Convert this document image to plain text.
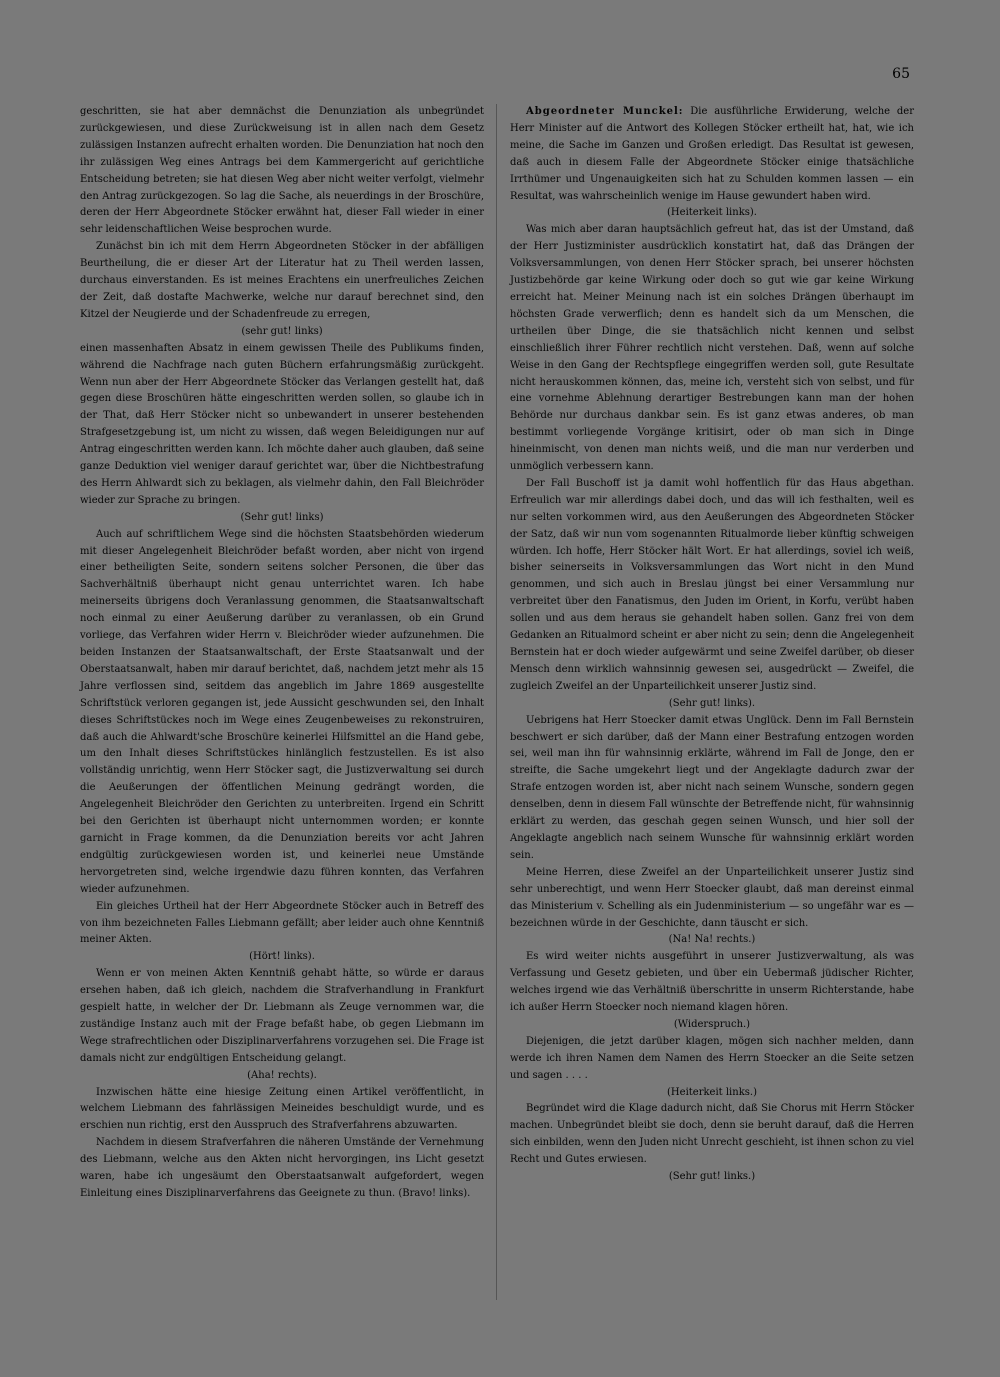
65

geschritten, sie hat aber demnächst die Denunziation als unbegründet zurückgewiesen, und diese Zurückweisung ist in allen nach dem Gesetz zulässigen Instanzen aufrecht erhalten worden. Die Denunziation hat noch den ihr zulässigen Weg eines Antrags bei dem Kammergericht auf gerichtliche Entscheidung betreten; sie hat diesen Weg aber nicht weiter verfolgt, vielmehr den Antrag zurückgezogen. So lag die Sache, als neuerdings in der Broschüre, deren der Herr Abgeordnete Stöcker erwähnt hat, dieser Fall wieder in einer sehr leidenschaftlichen Weise besprochen wurde.

Zunächst bin ich mit dem Herrn Abgeordneten Stöcker in der abfälligen Beurtheilung, die er dieser Art der Literatur hat zu Theil werden lassen, durchaus einverstanden. Es ist meines Erachtens ein unerfreuliches Zeichen der Zeit, daß dostafte Machwerke, welche nur darauf berechnet sind, den Kitzel der Neugierde und der Schadenfreude zu erregen,

(sehr gut! links)

einen massenhaften Absatz in einem gewissen Theile des Publikums finden, während die Nachfrage nach guten Büchern erfahrungsmäßig zurückgeht. Wenn nun aber der Herr Abgeordnete Stöcker das Verlangen gestellt hat, daß gegen diese Broschüren hätte eingeschritten werden sollen, so glaube ich in der That, daß Herr Stöcker nicht so unbewandert in unserer bestehenden Strafgesetzgebung ist, um nicht zu wissen, daß wegen Beleidigungen nur auf Antrag eingeschritten werden kann. Ich möchte daher auch glauben, daß seine ganze Deduktion viel weniger darauf gerichtet war, über die Nichtbestrafung des Herrn Ahlwardt sich zu beklagen, als vielmehr dahin, den Fall Bleichröder wieder zur Sprache zu bringen.

(Sehr gut! links)

Auch auf schriftlichem Wege sind die höchsten Staatsbehörden wiederum mit dieser Angelegenheit Bleichröder befaßt worden, aber nicht von irgend einer betheiligten Seite, sondern seitens solcher Personen, die über das Sachverhältniß überhaupt nicht genau unterrichtet waren. Ich habe meinerseits übrigens doch Veranlassung genommen, die Staatsanwaltschaft noch einmal zu einer Aeußerung darüber zu veranlassen, ob ein Grund vorliege, das Verfahren wider Herrn v. Bleichröder wieder aufzunehmen. Die beiden Instanzen der Staatsanwaltschaft, der Erste Staatsanwalt und der Oberstaatsanwalt, haben mir darauf berichtet, daß, nachdem jetzt mehr als 15 Jahre verflossen sind, seitdem das angeblich im Jahre 1869 ausgestellte Schriftstück verloren gegangen ist, jede Aussicht geschwunden sei, den Inhalt dieses Schriftstückes noch im Wege eines Zeugenbeweises zu rekonstruiren, daß auch die Ahlwardt'sche Broschüre keinerlei Hilfsmittel an die Hand gebe, um den Inhalt dieses Schriftstückes hinlänglich festzustellen. Es ist also vollständig unrichtig, wenn Herr Stöcker sagt, die Justizverwaltung sei durch die Aeußerungen der öffentlichen Meinung gedrängt worden, die Angelegenheit Bleichröder den Gerichten zu unterbreiten. Irgend ein Schritt bei den Gerichten ist überhaupt nicht unternommen worden; er konnte garnicht in Frage kommen, da die Denunziation bereits vor acht Jahren endgültig zurückgewiesen worden ist, und keinerlei neue Umstände hervorgetreten sind, welche irgendwie dazu führen konnten, das Verfahren wieder aufzunehmen.

Ein gleiches Urtheil hat der Herr Abgeordnete Stöcker auch in Betreff des von ihm bezeichneten Falles Liebmann gefällt; aber leider auch ohne Kenntniß meiner Akten.

(Hört! links).

Wenn er von meinen Akten Kenntniß gehabt hätte, so würde er daraus ersehen haben, daß ich gleich, nachdem die Strafverhandlung in Frankfurt gespielt hatte, in welcher der Dr. Liebmann als Zeuge vernommen war, die zuständige Instanz auch mit der Frage befaßt habe, ob gegen Liebmann im Wege strafrechtlichen oder Disziplinarverfahrens vorzugehen sei. Die Frage ist damals nicht zur endgültigen Entscheidung gelangt.

(Aha! rechts).

Inzwischen hätte eine hiesige Zeitung einen Artikel veröffentlicht, in welchem Liebmann des fahrlässigen Meineides beschuldigt wurde, und es erschien nun richtig, erst den Ausspruch des Strafverfahrens abzuwarten.

Nachdem in diesem Strafverfahren die näheren Umstände der Vernehmung des Liebmann, welche aus den Akten nicht hervorgingen, ins Licht gesetzt waren, habe ich ungesäumt den Oberstaatsanwalt aufgefordert, wegen Einleitung eines Disziplinarverfahrens das Geeignete zu thun. (Bravo! links).

Abgeordneter Munckel: Die ausführliche Erwiderung, welche der Herr Minister auf die Antwort des Kollegen Stöcker ertheilt hat, hat, wie ich meine, die Sache im Ganzen und Großen erledigt. Das Resultat ist gewesen, daß auch in diesem Falle der Abgeordnete Stöcker einige thatsächliche Irrthümer und Ungenauigkeiten sich hat zu Schulden kommen lassen — ein Resultat, was wahrscheinlich wenige im Hause gewundert haben wird.

(Heiterkeit links).

Was mich aber daran hauptsächlich gefreut hat, das ist der Umstand, daß der Herr Justizminister ausdrücklich konstatirt hat, daß das Drängen der Volksversammlungen, von denen Herr Stöcker sprach, bei unserer höchsten Justizbehörde gar keine Wirkung oder doch so gut wie gar keine Wirkung erreicht hat. Meiner Meinung nach ist ein solches Drängen überhaupt im höchsten Grade verwerflich; denn es handelt sich da um Menschen, die urtheilen über Dinge, die sie thatsächlich nicht kennen und selbst einschließlich ihrer Führer rechtlich nicht verstehen. Daß, wenn auf solche Weise in den Gang der Rechtspflege eingegriffen werden soll, gute Resultate nicht herauskommen können, das, meine ich, versteht sich von selbst, und für eine vornehme Ablehnung derartiger Bestrebungen kann man der hohen Behörde nur durchaus dankbar sein. Es ist ganz etwas anderes, ob man bestimmt vorliegende Vorgänge kritisirt, oder ob man sich in Dinge hineinmischt, von denen man nichts weiß, und die man nur verderben und unmöglich verbessern kann.

Der Fall Buschoff ist ja damit wohl hoffentlich für das Haus abgethan. Erfreulich war mir allerdings dabei doch, und das will ich festhalten, weil es nur selten vorkommen wird, aus den Aeußerungen des Abgeordneten Stöcker der Satz, daß wir nun vom sogenannten Ritualmorde lieber künftig schweigen würden. Ich hoffe, Herr Stöcker hält Wort. Er hat allerdings, soviel ich weiß, bisher seinerseits in Volksversammlungen das Wort nicht in den Mund genommen, und sich auch in Breslau jüngst bei einer Versammlung nur verbreitet über den Fanatismus, den Juden im Orient, in Korfu, verübt haben sollen und aus dem heraus sie gehandelt haben sollen. Ganz frei von dem Gedanken an Ritualmord scheint er aber nicht zu sein; denn die Angelegenheit Bernstein hat er doch wieder aufgewärmt und seine Zweifel darüber, ob dieser Mensch denn wirklich wahnsinnig gewesen sei, ausgedrückt — Zweifel, die zugleich Zweifel an der Unparteilichkeit unserer Justiz sind.

(Sehr gut! links).

Uebrigens hat Herr Stoecker damit etwas Unglück. Denn im Fall Bernstein beschwert er sich darüber, daß der Mann einer Bestrafung entzogen worden sei, weil man ihn für wahnsinnig erklärte, während im Fall de Jonge, den er streifte, die Sache umgekehrt liegt und der Angeklagte dadurch zwar der Strafe entzogen worden ist, aber nicht nach seinem Wunsche, sondern gegen denselben, denn in diesem Fall wünschte der Betreffende nicht, für wahnsinnig erklärt zu werden, das geschah gegen seinen Wunsch, und hier soll der Angeklagte angeblich nach seinem Wunsche für wahnsinnig erklärt worden sein.

Meine Herren, diese Zweifel an der Unparteilichkeit unserer Justiz sind sehr unberechtigt, und wenn Herr Stoecker glaubt, daß man dereinst einmal das Ministerium v. Schelling als ein Judenministerium — so ungefähr war es — bezeichnen würde in der Geschichte, dann täuscht er sich.

(Na! Na! rechts.)

Es wird weiter nichts ausgeführt in unserer Justizverwaltung, als was Verfassung und Gesetz gebieten, und über ein Uebermaß jüdischer Richter, welches irgend wie das Verhältniß überschritte in unserm Richterstande, habe ich außer Herrn Stoecker noch niemand klagen hören.

(Widerspruch.)

Diejenigen, die jetzt darüber klagen, mögen sich nachher melden, dann werde ich ihren Namen dem Namen des Herrn Stoecker an die Seite setzen und sagen . . . .

(Heiterkeit links.)

Begründet wird die Klage dadurch nicht, daß Sie Chorus mit Herrn Stöcker machen. Unbegründet bleibt sie doch, denn sie beruht darauf, daß die Herren sich einbilden, wenn den Juden nicht Unrecht geschieht, ist ihnen schon zu viel Recht und Gutes erwiesen.

(Sehr gut! links.)
